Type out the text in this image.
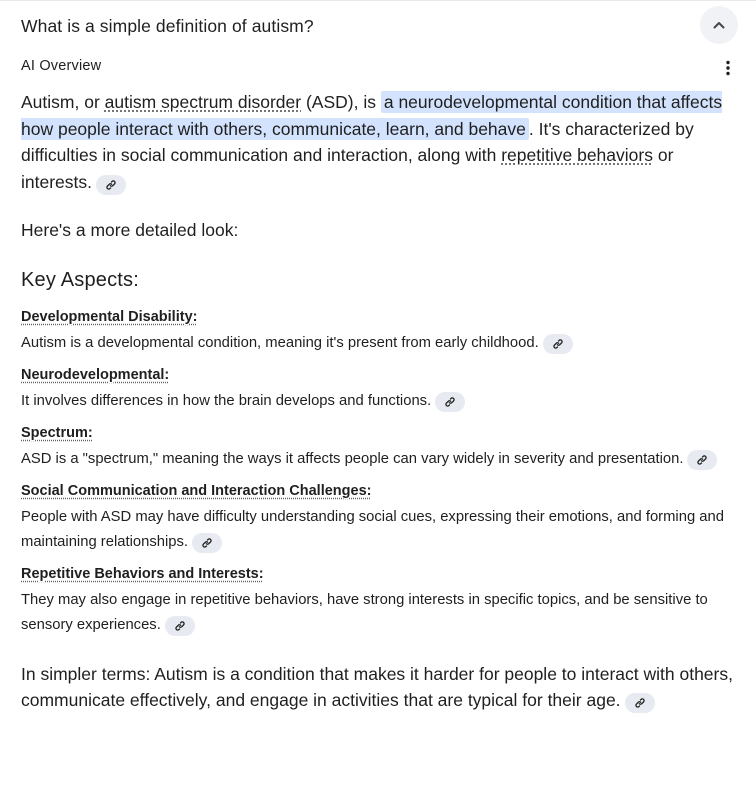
What is a simple definition of autism?
AI Overview

Autism, or autism spectrum disorder (ASD), is a neurodevelopmental condition that affects how people interact with others, communicate, learn, and behave . It's characterized by difficulties in social communication and interaction, along with repetitive behaviors or interests.

Here's a more detailed look:

Key Aspects:

Developmental Disability:

Autism is a developmental condition, meaning it's present from early childhood.

Neurodevelopmental:

It involves differences in how the brain develops and functions.

Spectrum:

ASD is a "spectrum," meaning the ways it affects people can vary widely in severity and presentation.

Social Communication and Interaction Challenges:

People with ASD may have difficulty understanding social cues, expressing their emotions, and forming and maintaining relationships.

Repetitive Behaviors and Interests:

They may also engage in repetitive behaviors, have strong interests in specific topics, and be sensitive to sensory experiences.

In simpler terms: Autism is a condition that makes it harder for people to interact with others, communicate effectively, and engage in activities that are typical for their age.
